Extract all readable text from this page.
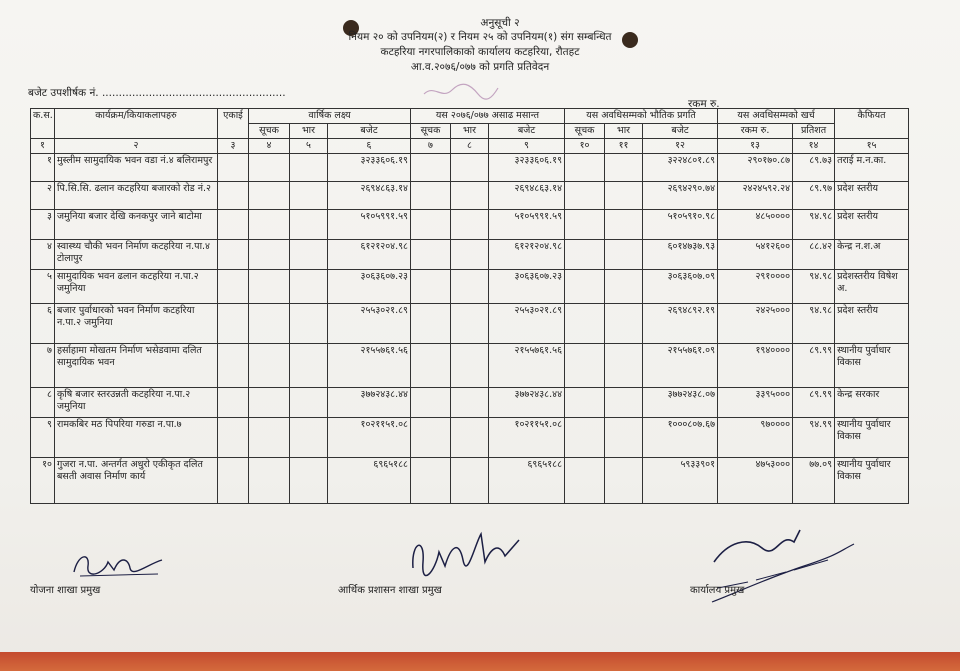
अनुसूची २
नियम २० को उपनियम(२) र नियम २५ को उपनियम(१) संग सम्बन्धित
कटहरिया नगरपालिकाको कार्यालय कटहरिया, रौतहट
आ.व.२०७६/०७७ को प्रगति प्रतिवेदन
बजेट उपशीर्षक नं. .......................................................
रकम रु.
क.स.	कार्यक्रम/कियाकलापहरु	एकाई	वार्षिक लक्ष्य			यस २०७६/०७७ असाढ मसान्त			यस अवधिसम्मको भौतिक प्रगति			यस अवधिसम्मको खर्च		कैफियत
			सूचक	भार	बजेट	सूचक	भार	बजेट	सूचक	भार	बजेट	रकम रु.	प्रतिशत	
१	२	३	४	५	६	७	८	९	१०	११	१२	१३	१४	१५
१	मुस्लीम सामुदायिक भवन वडा नं.४ बलिरामपुर				३२३३६०६.१९			३२३३६०६.१९			३२२४८०१.८९	२९०१७०.८७	८९.७३	तराई म.न.का.
२	पि.सि.सि. ढलान कटहरिया बजारको रोड नं.२				२६९४८६३.१४			२६९४८६३.१४			२६९४२९०.७४	२४२४५९२.२४	८९.९७	प्रदेश स्तरीय
३	जमुनिया बजार देखि कनकपुर जाने बाटोमा				५१०५९९१.५९			५१०५९९१.५९			५१०५९१०.९८	४८५००००	९४.९८	प्रदेश स्तरीय
४	स्वास्थ्य चौकी भवन निर्माण कटहरिया न.पा.४ टोलापुर				६१२१२०४.९८			६१२१२०४.९८			६०१४७३७.९३	५४१२६००	८८.४२	केन्द्र न.श.अ
५	सामुदायिक भवन ढलान कटहरिया न.पा.२ जमुनिया				३०६३६०७.२३			३०६३६०७.२३			३०६३६०७.०९	२९१००००	९४.९८	प्रदेशस्तरीय विषेश अ.
६	बजार पुर्वाधारको भवन निर्माण कटहरिया न.पा.२ जमुनिया				२५५३०२१.८९			२५५३०२१.८९			२६९४८९२.१९	२४२५०००	९४.९८	प्रदेश स्तरीय
७	हर्साहामा मोखतम निर्माण भसेडवामा दलित सामुदायिक भवन				२१५५७६१.५६			२१५५७६१.५६			२१५५७६१.०९	१९४००००	८९.९९	स्थानीय पुर्वाधार विकास
८	कृषि बजार स्तरउन्नती कटहरिया न.पा.२ जमुनिया				३७७२४३८.४४			३७७२४३८.४४			३७७२४३८.०७	३३९५०००	८९.९९	केन्द्र सरकार
९	रामकबिर मठ पिपरिया गरुडा न.पा.७				१०२११५१.०८			१०२११५१.०८			१०००८०७.६७	९७००००	९४.९९	स्थानीय पुर्वाधार विकास
१०	गुजरा न.पा. अन्तर्गत अधुरो एकीकृत दलित बसती अवास निर्माण कार्य				६९६५१८८			६९६५१८८			५९३३९०१	४७५३०००	७७.०९	स्थानीय पुर्वाधार विकास
योजना शाखा प्रमुख	आर्थिक प्रशासन शाखा प्रमुख	कार्यालय प्रमुख
